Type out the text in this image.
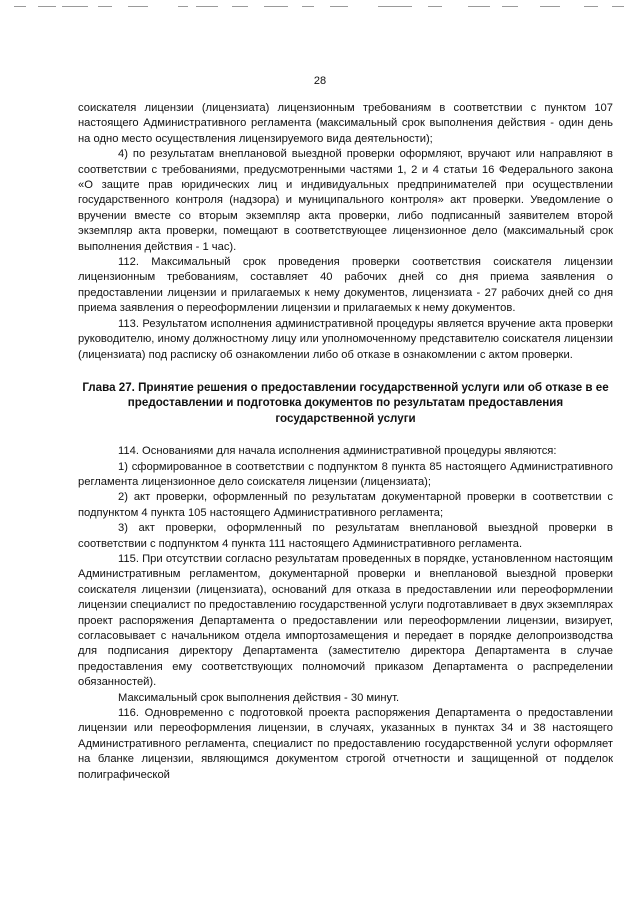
28

соискателя лицензии (лицензиата) лицензионным требованиям в соответствии с пунктом 107 настоящего Административного регламента (максимальный срок выполнения действия - один день на одно место осуществления лицензируемого вида деятельности);

4) по результатам внеплановой выездной проверки оформляют, вручают или направляют в соответствии с требованиями, предусмотренными частями 1, 2 и 4 статьи 16 Федерального закона «О защите прав юридических лиц и индивидуальных предпринимателей при осуществлении государственного контроля (надзора) и муниципального контроля» акт проверки. Уведомление о вручении вместе со вторым экземпляр акта проверки, либо подписанный заявителем второй экземпляр акта проверки, помещают в соответствующее лицензионное дело (максимальный срок выполнения действия - 1 час).

112. Максимальный срок проведения проверки соответствия соискателя лицензии лицензионным требованиям, составляет 40 рабочих дней со дня приема заявления о предоставлении лицензии и прилагаемых к нему документов, лицензиата - 27 рабочих дней со дня приема заявления о переоформлении лицензии и прилагаемых к нему документов.

113. Результатом исполнения административной процедуры является вручение акта проверки руководителю, иному должностному лицу или уполномоченному представителю соискателя лицензии (лицензиата) под расписку об ознакомлении либо об отказе в ознакомлении с актом проверки.

Глава 27. Принятие решения о предоставлении государственной услуги или об отказе в ее предоставлении и подготовка документов по результатам предоставления государственной услуги

114. Основаниями для начала исполнения административной процедуры являются:

1) сформированное в соответствии с подпунктом 8 пункта 85 настоящего Административного регламента лицензионное дело соискателя лицензии (лицензиата);

2) акт проверки, оформленный по результатам документарной проверки в соответствии с подпунктом 4 пункта 105 настоящего Административного регламента;

3) акт проверки, оформленный по результатам внеплановой выездной проверки в соответствии с подпунктом 4 пункта 111 настоящего Административного регламента.

115. При отсутствии согласно результатам проведенных в порядке, установленном настоящим Административным регламентом, документарной проверки и внеплановой выездной проверки соискателя лицензии (лицензиата), оснований для отказа в предоставлении или переоформлении лицензии специалист по предоставлению государственной услуги подготавливает в двух экземплярах проект распоряжения Департамента о предоставлении или переоформлении лицензии, визирует, согласовывает с начальником отдела импортозамещения и передает в порядке делопроизводства для подписания директору Департамента (заместителю директора Департамента в случае предоставления ему соответствующих полномочий приказом Департамента о распределении обязанностей).

Максимальный срок выполнения действия - 30 минут.

116. Одновременно с подготовкой проекта распоряжения Департамента о предоставлении лицензии или переоформления лицензии, в случаях, указанных в пунктах 34 и 38 настоящего Административного регламента, специалист по предоставлению государственной услуги оформляет на бланке лицензии, являющимся документом строгой отчетности и защищенной от подделок полиграфической
